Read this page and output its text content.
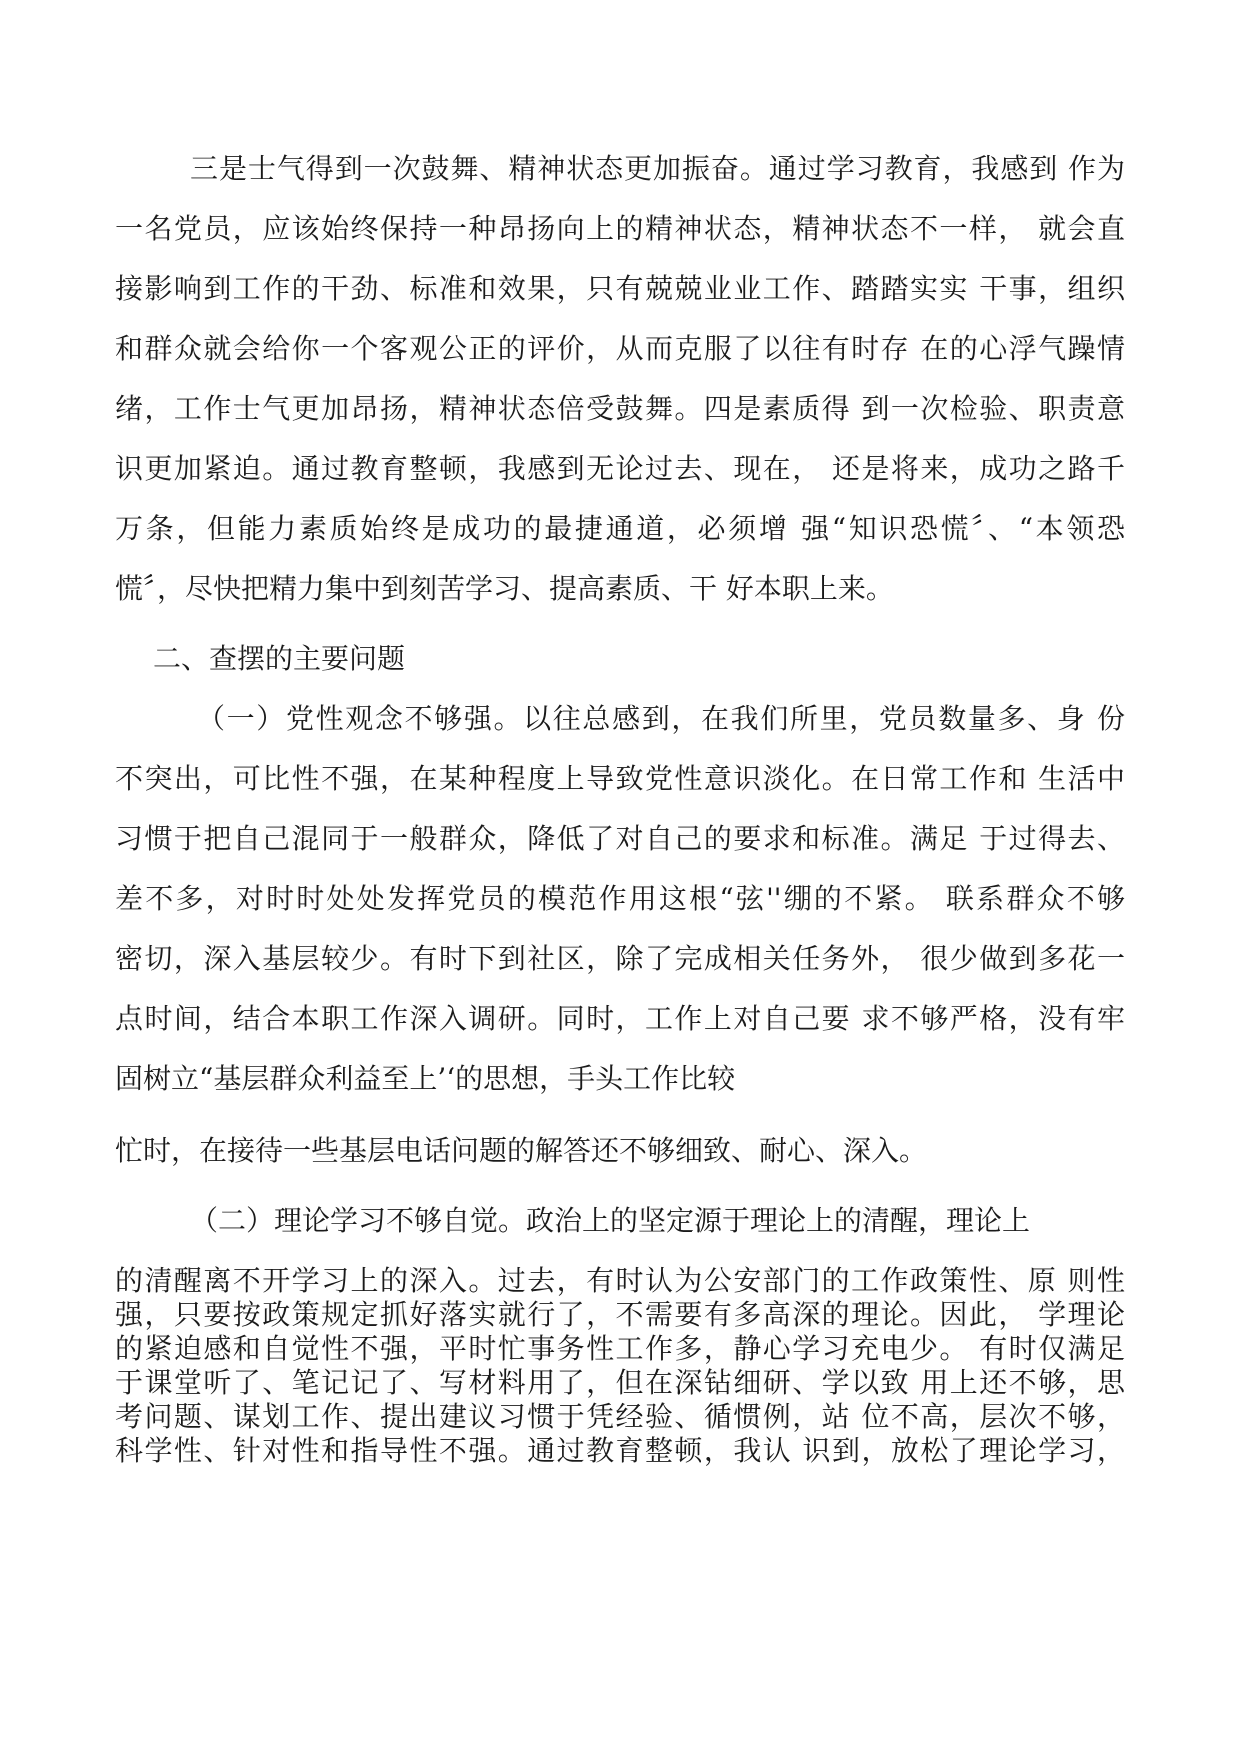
三是士气得到一次鼓舞、精神状态更加振奋。通过学习教育，我感到 作为
一名党员，应该始终保持一种昂扬向上的精神状态，精神状态不一样， 就会直
接影响到工作的干劲、标准和效果，只有兢兢业业工作、踏踏实实 干事，组织
和群众就会给你一个客观公正的评价，从而克服了以往有时存 在的心浮气躁情
绪，工作士气更加昂扬，精神状态倍受鼓舞。四是素质得 到一次检验、职责意
识更加紧迫。通过教育整顿，我感到无论过去、现在， 还是将来，成功之路千
万条，但能力素质始终是成功的最捷通道，必须增 强“知识恐慌〞、“本领恐
慌〞，尽快把精力集中到刻苦学习、提高素质、干 好本职上来。
二、查摆的主要问题
（一）党性观念不够强。以往总感到，在我们所里，党员数量多、身 份
不突出，可比性不强，在某种程度上导致党性意识淡化。在日常工作和 生活中
习惯于把自己混同于一般群众，降低了对自己的要求和标准。满足 于过得去、
差不多，对时时处处发挥党员的模范作用这根“弦''绷的不紧。 联系群众不够
密切，深入基层较少。有时下到社区，除了完成相关任务外， 很少做到多花一
点时间，结合本职工作深入调研。同时，工作上对自己要 求不够严格，没有牢
固树立“基层群众利益至上’‘的思想，手头工作比较
忙时，在接待一些基层电话问题的解答还不够细致、耐心、深入。
（二）理论学习不够自觉。政治上的坚定源于理论上的清醒，理论上
的清醒离不开学习上的深入。过去，有时认为公安部门的工作政策性、原 则性
强，只要按政策规定抓好落实就行了，不需要有多高深的理论。因此， 学理论
的紧迫感和自觉性不强，平时忙事务性工作多，静心学习充电少。 有时仅满足
于课堂听了、笔记记了、写材料用了，但在深钻细研、学以致 用上还不够，思
考问题、谋划工作、提出建议习惯于凭经验、循惯例，站 位不高，层次不够，
科学性、针对性和指导性不强。通过教育整顿，我认 识到，放松了理论学习，
